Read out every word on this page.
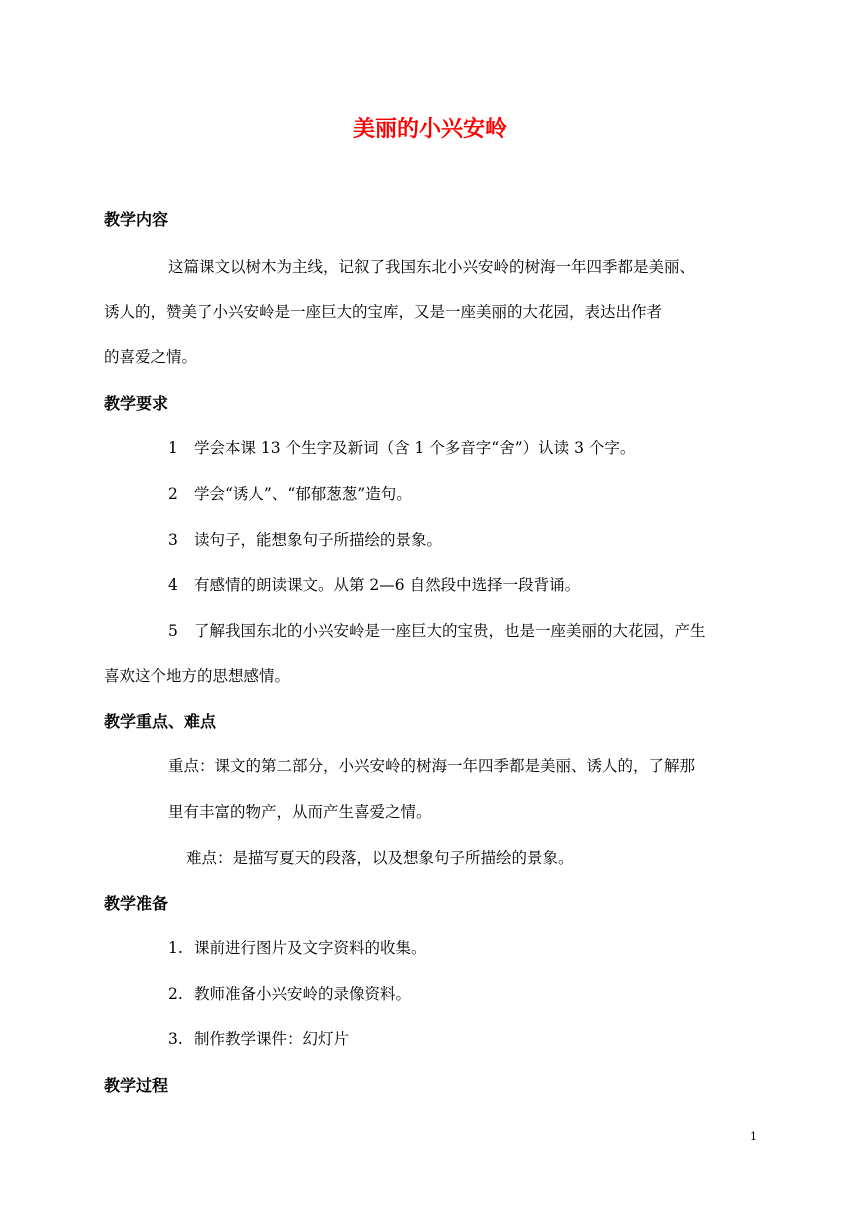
美丽的小兴安岭
教学内容
这篇课文以树木为主线，记叙了我国东北小兴安岭的树海一年四季都是美丽、
诱人的，赞美了小兴安岭是一座巨大的宝库，又是一座美丽的大花园，表达出作者
的喜爱之情。
教学要求
1 学会本课 13 个生字及新词（含 1 个多音字“舍”）认读 3 个字。
2 学会“诱人”、“郁郁葱葱”造句。
3 读句子，能想象句子所描绘的景象。
4 有感情的朗读课文。从第 2—6 自然段中选择一段背诵。
5 了解我国东北的小兴安岭是一座巨大的宝贵，也是一座美丽的大花园，产生
喜欢这个地方的思想感情。
教学重点、难点
重点：课文的第二部分，小兴安岭的树海一年四季都是美丽、诱人的，了解那
里有丰富的物产，从而产生喜爱之情。
难点：是描写夏天的段落，以及想象句子所描绘的景象。
教学准备
1. 课前进行图片及文字资料的收集。
2. 教师准备小兴安岭的录像资料。
3. 制作教学课件：幻灯片
教学过程
1
